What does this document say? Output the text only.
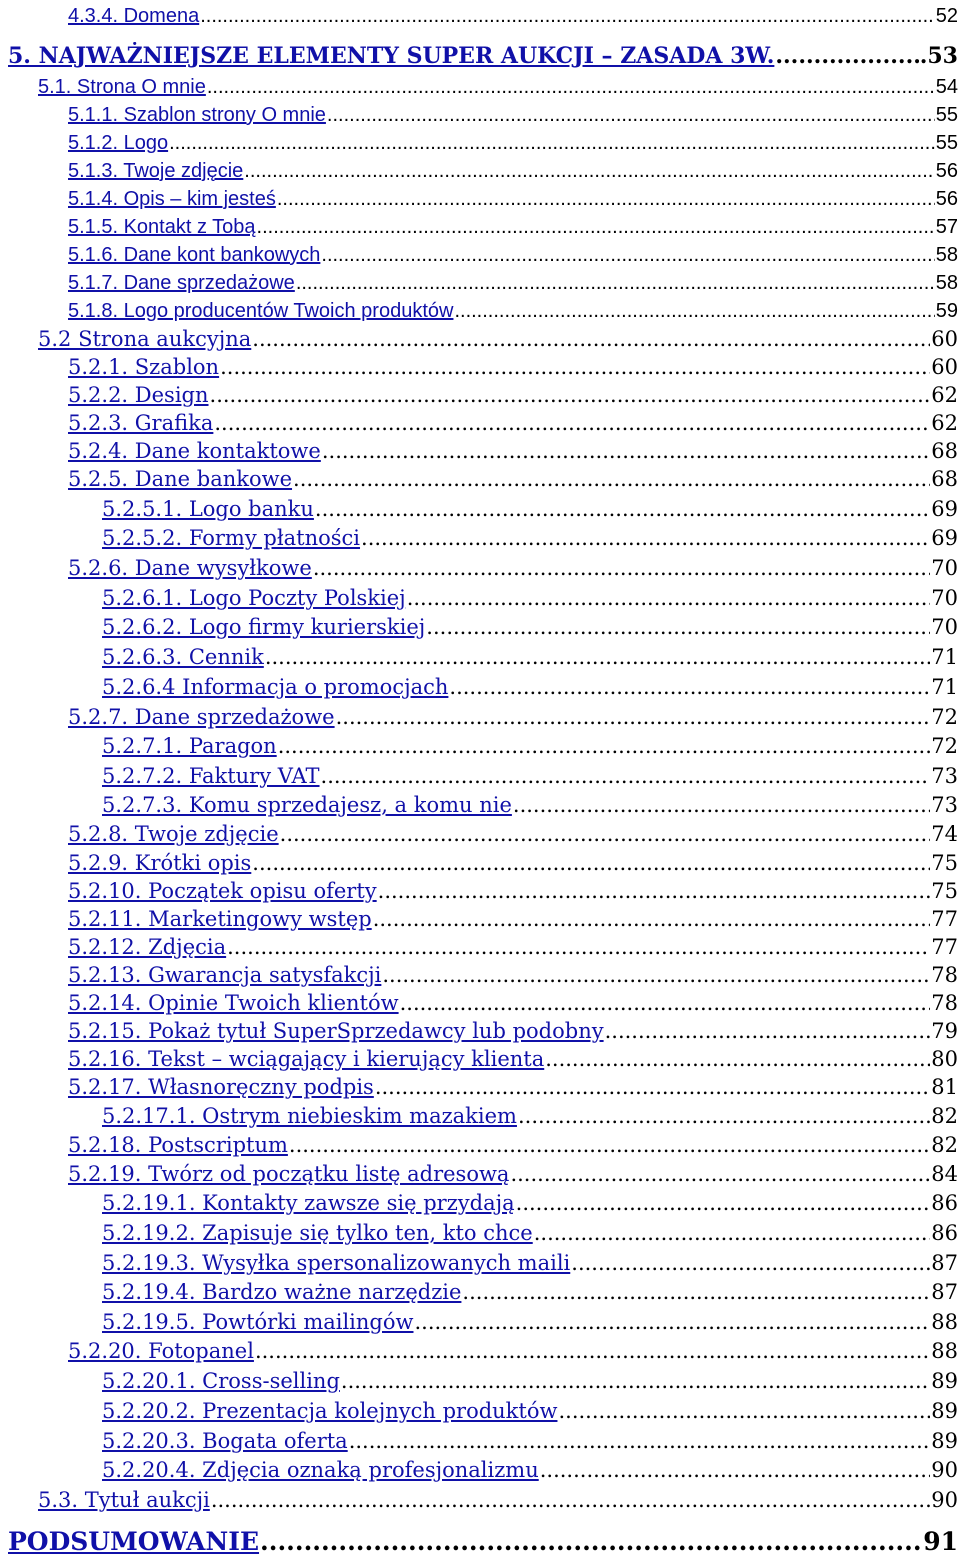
4.3.4. Domena .....	52
5. NAJWAŻNIEJSZE ELEMENTY SUPER AUKCJI – ZASADA 3W. .....	.53
5.1. Strona O mnie .....	54
5.1.1. Szablon strony O mnie .....	55
5.1.2. Logo .....	55
5.1.3. Twoje zdjęcie .....	56
5.1.4. Opis – kim jesteś .....	56
5.1.5. Kontakt z Tobą .....	57
5.1.6. Dane kont bankowych .....	58
5.1.7. Dane sprzedażowe .....	58
5.1.8. Logo producentów Twoich produktów .....	59
5.2 Strona aukcyjna .....	60
5.2.1. Szablon .....	60
5.2.2. Design .....	62
5.2.3. Grafika .....	62
5.2.4. Dane kontaktowe .....	68
5.2.5. Dane bankowe .....	68
5.2.5.1. Logo banku .....	69
5.2.5.2. Formy płatności .....	69
5.2.6. Dane wysyłkowe .....	70
5.2.6.1. Logo Poczty Polskiej .....	70
5.2.6.2. Logo firmy kurierskiej .....	70
5.2.6.3. Cennik .....	71
5.2.6.4 Informacja o promocjach .....	71
5.2.7. Dane sprzedażowe .....	72
5.2.7.1. Paragon .....	72
5.2.7.2. Faktury VAT .....	73
5.2.7.3. Komu sprzedajesz, a komu nie .....	73
5.2.8. Twoje zdjęcie .....	74
5.2.9. Krótki opis .....	75
5.2.10. Początek opisu oferty .....	75
5.2.11. Marketingowy wstęp .....	77
5.2.12. Zdjęcia .....	77
5.2.13. Gwarancja satysfakcji .....	78
5.2.14. Opinie Twoich klientów .....	78
5.2.15. Pokaż tytuł SuperSprzedawcy lub podobny .....	79
5.2.16. Tekst – wciągający i kierujący klienta .....	80
5.2.17. Własnoręczny podpis .....	81
5.2.17.1. Ostrym niebieskim mazakiem .....	82
5.2.18. Postscriptum .....	82
5.2.19. Twórz od początku listę adresową .....	84
5.2.19.1. Kontakty zawsze się przydają .....	86
5.2.19.2. Zapisuje się tylko ten, kto chce .....	86
5.2.19.3. Wysyłka spersonalizowanych maili .....	87
5.2.19.4. Bardzo ważne narzędzie .....	87
5.2.19.5. Powtórki mailingów .....	88
5.2.20. Fotopanel .....	88
5.2.20.1. Cross-selling .....	89
5.2.20.2. Prezentacja kolejnych produktów .....	89
5.2.20.3. Bogata oferta .....	89
5.2.20.4. Zdjęcia oznaką profesjonalizmu .....	90
5.3. Tytuł aukcji .....	90
PODSUMOWANIE .....	91
